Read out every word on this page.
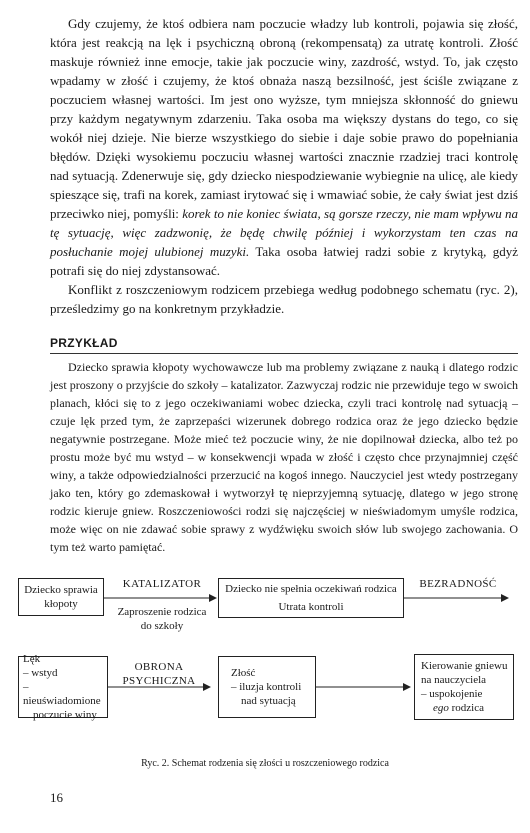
Gdy czujemy, że ktoś odbiera nam poczucie władzy lub kontroli, pojawia się złość, która jest reakcją na lęk i psychiczną obroną (rekompensatą) za utratę kontroli. Złość maskuje również inne emocje, takie jak poczucie winy, zazdrość, wstyd. To, jak często wpadamy w złość i czujemy, że ktoś obnaża naszą bezsilność, jest ściśle związane z poczuciem własnej wartości. Im jest ono wyższe, tym mniejsza skłonność do gniewu przy każdym negatywnym zdarzeniu. Taka osoba ma większy dystans do tego, co się wokół niej dzieje. Nie bierze wszystkiego do siebie i daje sobie prawo do popełniania błędów. Dzięki wysokiemu poczuciu własnej wartości znacznie rzadziej traci kontrolę nad sytuacją. Zdenerwuje się, gdy dziecko niespodziewanie wybiegnie na ulicę, ale kiedy spieszące się, trafi na korek, zamiast irytować się i wmawiać sobie, że cały świat jest dziś przeciwko niej, pomyśli: korek to nie koniec świata, są gorsze rzeczy, nie mam wpływu na tę sytuację, więc zadzwonię, że będę chwilę później i wykorzystam ten czas na posłuchanie mojej ulubionej muzyki. Taka osoba łatwiej radzi sobie z krytyką, gdyż potrafi się do niej zdystansować.

Konflikt z roszczeniowym rodzicem przebiega według podobnego schematu (ryc. 2), prześledzimy go na konkretnym przykładzie.

PRZYKŁAD

Dziecko sprawia kłopoty wychowawcze lub ma problemy związane z nauką i dlatego rodzic jest proszony o przyjście do szkoły – katalizator. Zazwyczaj rodzic nie przewiduje tego w swoich planach, kłóci się to z jego oczekiwaniami wobec dziecka, czyli traci kontrolę nad sytuacją – czuje lęk przed tym, że zaprzepaści wizerunek dobrego rodzica oraz że jego dziecko będzie negatywnie postrzegane. Może mieć też poczucie winy, że nie dopilnował dziecka, albo też po prostu może być mu wstyd – w konsekwencji wpada w złość i często chce przynajmniej część winy, a także odpowiedzialności przerzucić na kogoś innego. Nauczyciel jest wtedy postrzegany jako ten, który go zdemaskował i wytworzył tę nieprzyjemną sytuację, dlatego w jego stronę rodzic kieruje gniew. Roszczeniowości rodzi się najczęściej w nieświadomym umyśle rodzica, może więc on nie zdawać sobie sprawy z wydźwięku swoich słów lub swojego zachowania. O tym też warto pamiętać.

Dziecko sprawia
kłopoty
KATALIZATOR
Zaproszenie rodzica
do szkoły
Dziecko nie spełnia oczekiwań rodzica
Utrata kontroli
BEZRADNOŚĆ
Lęk
– wstyd
– nieuświadomione
poczucie winy
OBRONA
PSYCHICZNA
Złość
– iluzja kontroli
nad sytuacją
Kierowanie gniewu
na nauczyciela
– uspokojenie
ego rodzica
Ryc. 2. Schemat rodzenia się złości u roszczeniowego rodzica
16
